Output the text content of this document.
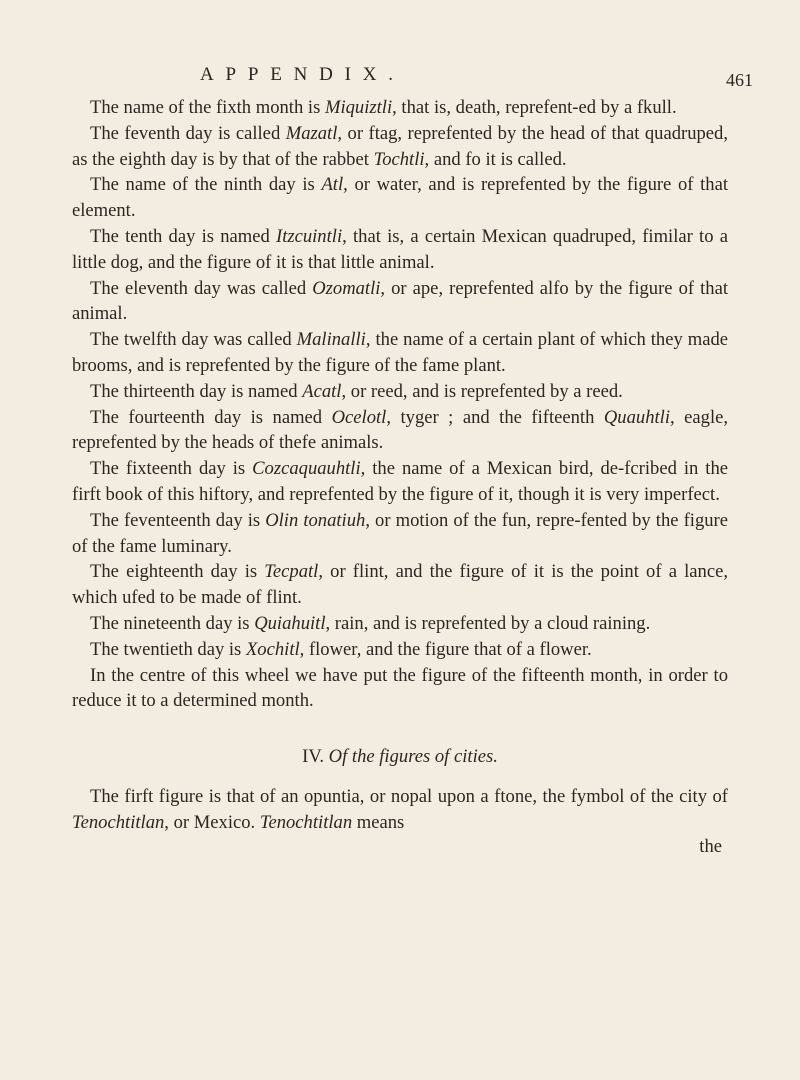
APPENDIX.	461

The name of the fixth month is Miquiztli, that is, death, reprefent-ed by a fkull.

The feventh day is called Mazatl, or ftag, reprefented by the head of that quadruped, as the eighth day is by that of the rabbet Tochtli, and fo it is called.

The name of the ninth day is Atl, or water, and is reprefented by the figure of that element.

The tenth day is named Itzcuintli, that is, a certain Mexican quadruped, fimilar to a little dog, and the figure of it is that little animal.

The eleventh day was called Ozomatli, or ape, reprefented alfo by the figure of that animal.

The twelfth day was called Malinalli, the name of a certain plant of which they made brooms, and is reprefented by the figure of the fame plant.

The thirteenth day is named Acatl, or reed, and is reprefented by a reed.

The fourteenth day is named Ocelotl, tyger ; and the fifteenth Quauhtli, eagle, reprefented by the heads of thefe animals.

The fixteenth day is Cozcaquauhtli, the name of a Mexican bird, de-fcribed in the firft book of this hiftory, and reprefented by the figure of it, though it is very imperfect.

The feventeenth day is Olin tonatiuh, or motion of the fun, repre-fented by the figure of the fame luminary.

The eighteenth day is Tecpatl, or flint, and the figure of it is the point of a lance, which ufed to be made of flint.

The nineteenth day is Quiahuitl, rain, and is reprefented by a cloud raining.

The twentieth day is Xochitl, flower, and the figure that of a flower.

In the centre of this wheel we have put the figure of the fifteenth month, in order to reduce it to a determined month.

IV. Of the figures of cities.

The firft figure is that of an opuntia, or nopal upon a ftone, the fymbol of the city of Tenochtitlan, or Mexico. Tenochtitlan means

the
